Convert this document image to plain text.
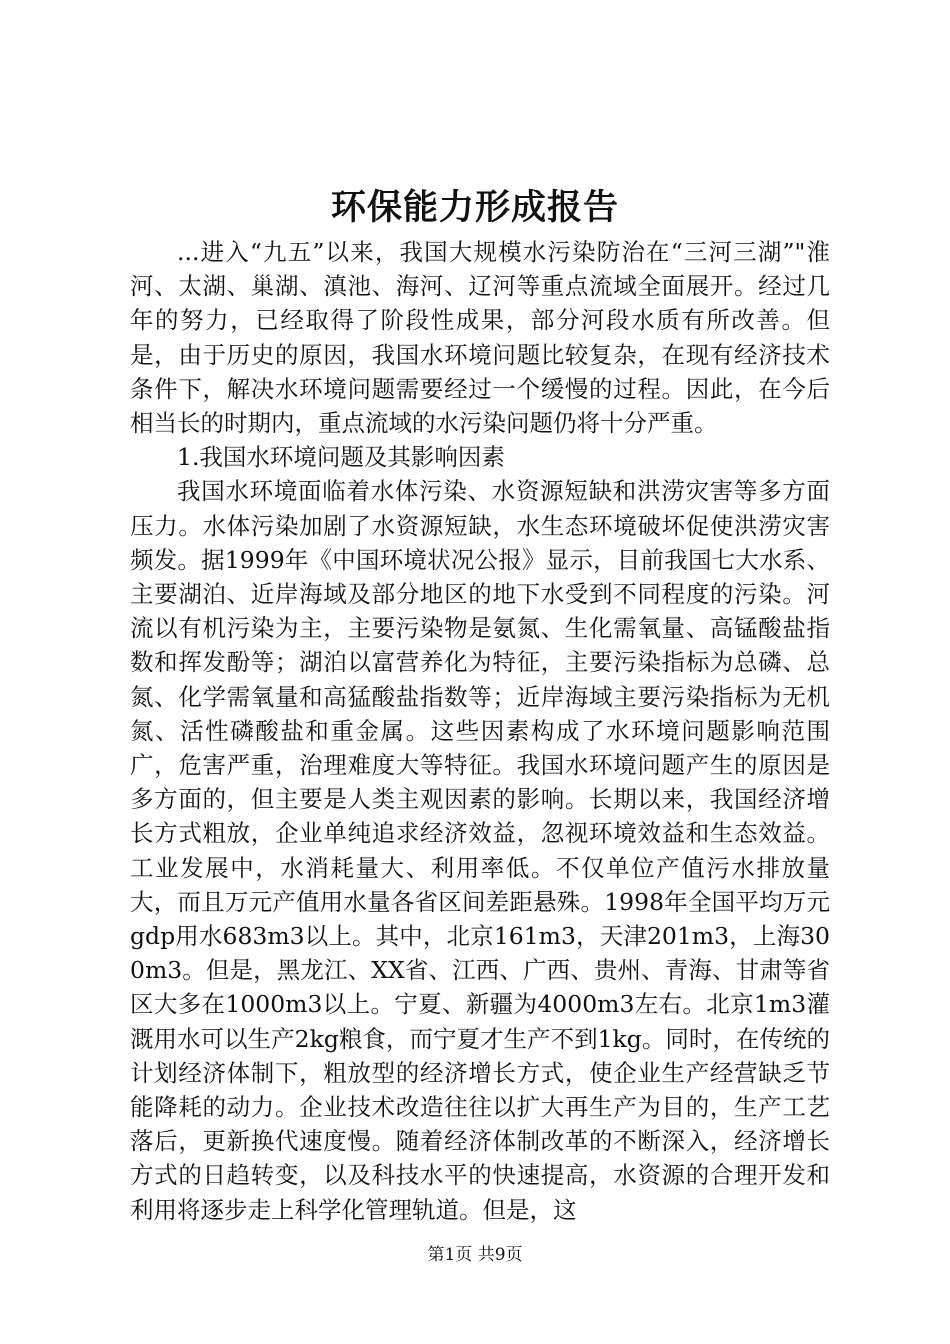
环保能力形成报告

...进入“九五”以来，我国大规模水污染防治在“三河三湖”"淮河、太湖、巢湖、滇池、海河、辽河等重点流域全面展开。经过几年的努力，已经取得了阶段性成果，部分河段水质有所改善。但是，由于历史的原因，我国水环境问题比较复杂，在现有经济技术条件下，解决水环境问题需要经过一个缓慢的过程。因此，在今后相当长的时期内，重点流域的水污染问题仍将十分严重。

1.我国水环境问题及其影响因素

我国水环境面临着水体污染、水资源短缺和洪涝灾害等多方面压力。水体污染加剧了水资源短缺，水生态环境破坏促使洪涝灾害频发。据1999年《中国环境状况公报》显示，目前我国七大水系、主要湖泊、近岸海域及部分地区的地下水受到不同程度的污染。河流以有机污染为主，主要污染物是氨氮、生化需氧量、高锰酸盐指数和挥发酚等；湖泊以富营养化为特征，主要污染指标为总磷、总氮、化学需氧量和高猛酸盐指数等；近岸海域主要污染指标为无机氮、活性磷酸盐和重金属。这些因素构成了水环境问题影响范围广，危害严重，治理难度大等特征。我国水环境问题产生的原因是多方面的，但主要是人类主观因素的影响。长期以来，我国经济增长方式粗放，企业单纯追求经济效益，忽视环境效益和生态效益。工业发展中，水消耗量大、利用率低。不仅单位产值污水排放量大，而且万元产值用水量各省区间差距悬殊。1998年全国平均万元gdp用水683m3以上。其中，北京161m3，天津201m3，上海300m3。但是，黑龙江、XX省、江西、广西、贵州、青海、甘肃等省区大多在1000m3以上。宁夏、新疆为4000m3左右。北京1m3灌溉用水可以生产2kg粮食，而宁夏才生产不到1kg。同时，在传统的计划经济体制下，粗放型的经济增长方式，使企业生产经营缺乏节能降耗的动力。企业技术改造往往以扩大再生产为目的，生产工艺落后，更新换代速度慢。随着经济体制改革的不断深入，经济增长方式的日趋转变，以及科技水平的快速提高，水资源的合理开发和利用将逐步走上科学化管理轨道。但是，这

第1页 共9页
